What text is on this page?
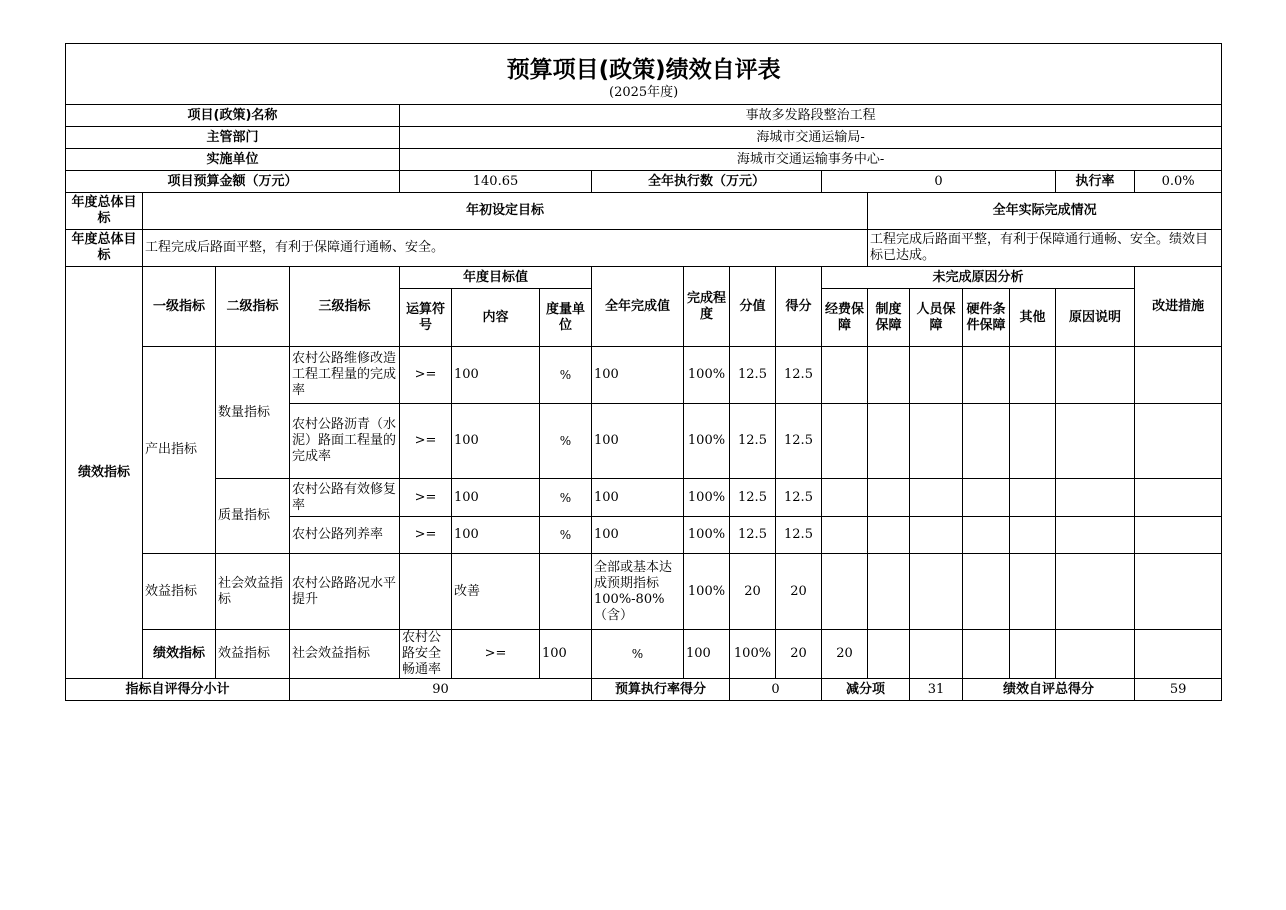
预算项目(政策)绩效自评表
(2025年度)																		

项目(政策)名称				事故多发路段整治工程														
主管部门				海城市交通运输局-														
实施单位				海城市交通运输事务中心-														
项目预算金额（万元）				140.65			全年执行数（万元）				0					执行率	0.0%	
年度总体目标	年初设定目标											全年实际完成情况						
年度总体目标	工程完成后路面平整，有利于保障通行通畅、安全。											工程完成后路面平整，有利于保障通行通畅、安全。绩效目标已达成。						
绩效指标	一级指标	二级指标	三级指标	年度目标值			全年完成值	完成程度	分值	得分	未完成原因分析						改进措施	
				运算符号	内容	度量单位					经费保障	制度保障	人员保障	硬件条件保障	其他	原因说明		
	产出指标	数量指标	农村公路维修改造工程工程量的完成率	>=	100	%	100	100%	12.5	12.5								
			农村公路沥青（水泥）路面工程量的完成率	>=	100	%	100	100%	12.5	12.5								
		质量指标	农村公路有效修复率	>=	100	%	100	100%	12.5	12.5								
			农村公路列养率	>=	100	%	100	100%	12.5	12.5								
	效益指标	社会效益指标	农村公路路况水平提升		改善		全部或基本达成预期指标100%-80%（含）	100%	20	20								
	绩效指标	效益指标	社会效益指标	农村公路安全畅通率	>=	100	%	100	100%	20	20							
指标自评得分小计			90				预算执行率得分		0		减分项		31	绩效自评总得分			59	
